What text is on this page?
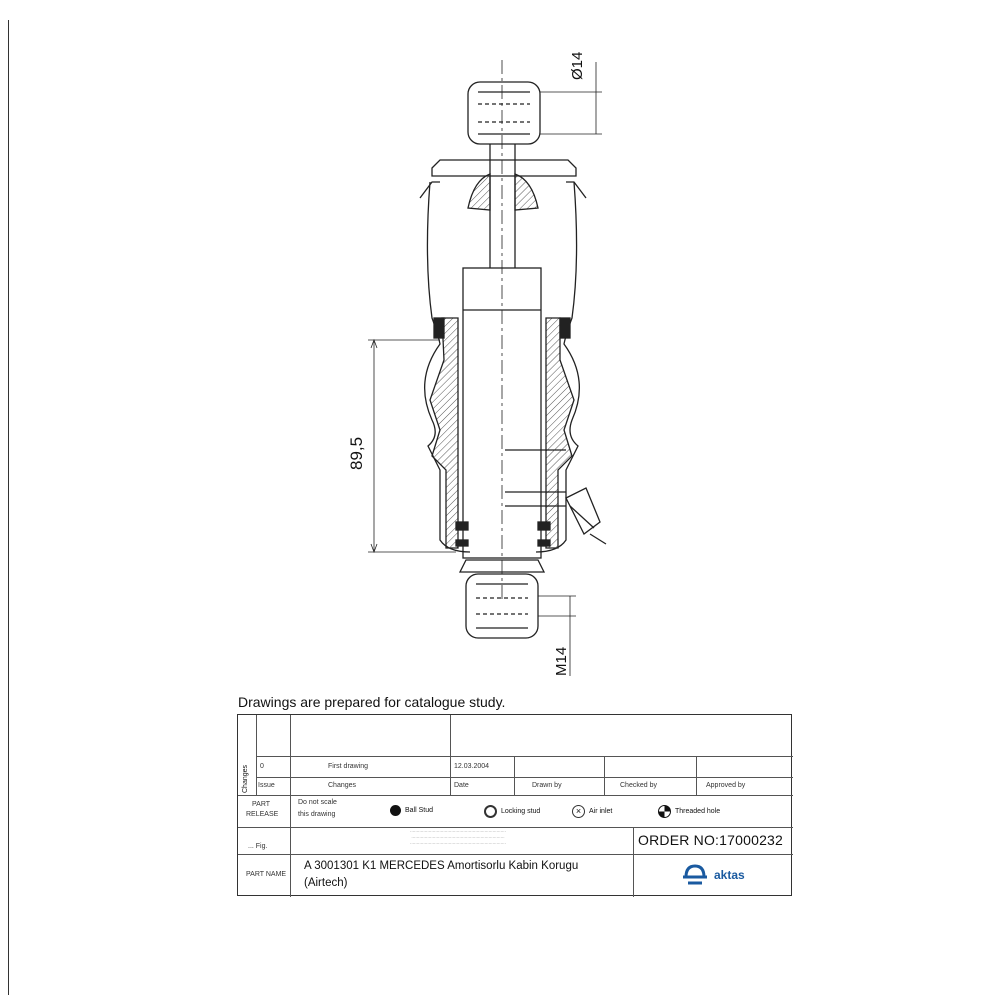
Ø14
89,5
M14
Drawings are prepared for catalogue study.
Changes Issue	Changes	Date	Drawn by	Checked by	Approved by
0	First drawing	12.03.2004
PART
RELEASE
Do not scale
this drawing
Ball Stud	Locking stud	×	Air inlet	Threaded hole
... Fig.
········································································
······································································
········································································	ORDER NO:17000232
PART NAME
A 3001301 K1 MERCEDES Amortisorlu Kabin Korugu
(Airtech)
aktas
